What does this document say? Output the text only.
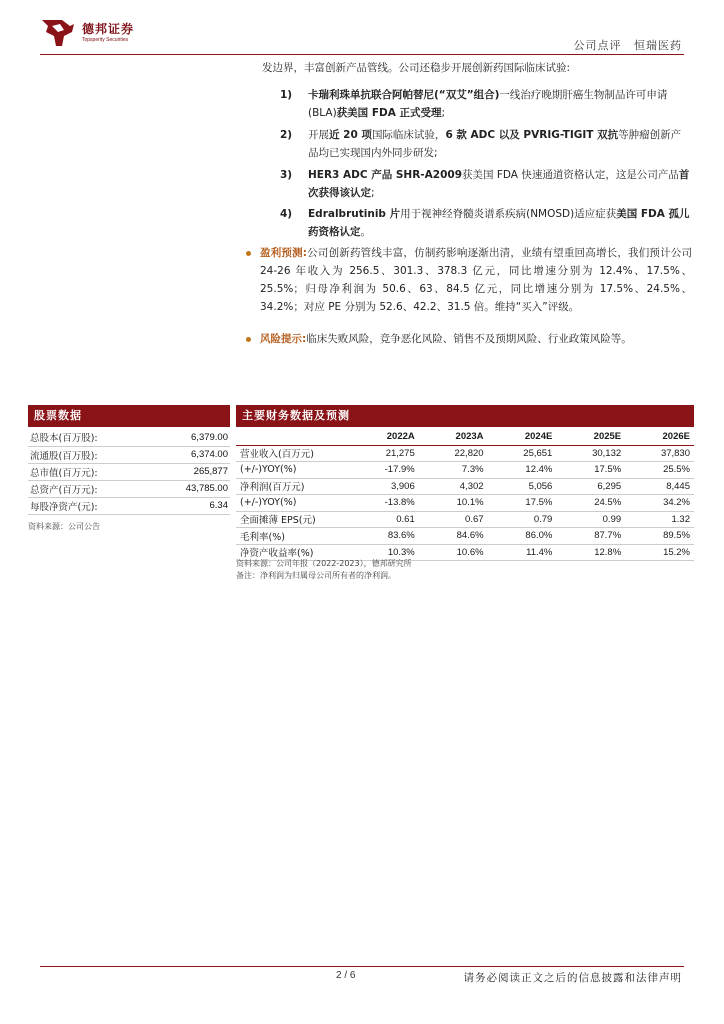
德邦证券
Topsperity Securities	公司点评 恒瑞医药
发边界，丰富创新产品管线。公司还稳步开展创新药国际临床试验:
1)	卡瑞利珠单抗联合阿帕替尼(“双艾”组合)一线治疗晚期肝癌生物制品许可申请(BLA)获美国 FDA 正式受理;
2)	开展近 20 项国际临床试验，6 款 ADC 以及 PVRIG-TIGIT 双抗等肿瘤创新产品均已实现国内外同步研发;
3)	HER3 ADC 产品 SHR-A2009获美国 FDA 快速通道资格认定，这是公司产品首次获得该认定;
4)	Edralbrutinib 片用于视神经脊髓炎谱系疾病(NMOSD)适应症获美国 FDA 孤儿药资格认定。
盈利预测:公司创新药管线丰富，仿制药影响逐渐出清，业绩有望重回高增长，我们预计公司 24-26 年收入为 256.5、301.3、378.3 亿元，同比增速分别为 12.4%、17.5%、25.5%；归母净利润为 50.6、63、84.5 亿元，同比增速分别为 17.5%、24.5%、34.2%；对应 PE 分别为 52.6、42.2、31.5 倍。维持“买入”评级。
风险提示:临床失败风险，竞争恶化风险、销售不及预期风险、行业政策风险等。
股票数据
总股本(百万股):	6,379.00
流通股(百万股):	6,374.00
总市值(百万元):	265,877
总资产(百万元):	43,785.00
每股净资产(元):	6.34
资料来源：公司公告
主要财务数据及预测
	2022A	2023A	2024E	2025E	2026E
营业收入(百万元)	21,275	22,820	25,651	30,132	37,830
(+/-)YOY(%)	-17.9%	7.3%	12.4%	17.5%	25.5%
净利润(百万元)	3,906	4,302	5,056	6,295	8,445
(+/-)YOY(%)	-13.8%	10.1%	17.5%	24.5%	34.2%
全面摊薄 EPS(元)	0.61	0.67	0.79	0.99	1.32
毛利率(%)	83.6%	84.6%	86.0%	87.7%	89.5%
净资产收益率(%)	10.3%	10.6%	11.4%	12.8%	15.2%
资料来源：公司年报（2022-2023），德邦研究所
备注：净利润为归属母公司所有者的净利润。
2 / 6	请务必阅读正文之后的信息披露和法律声明
